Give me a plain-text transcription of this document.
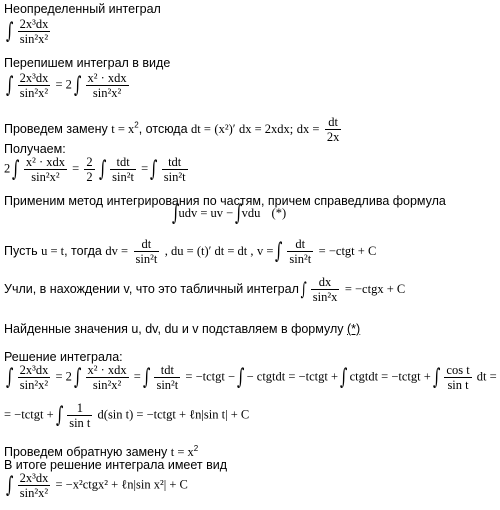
Неопределенный интеграл
∫ $\frac{\text{2x³dx}}{\text{sin²x²}}$
Перепишем интеграл в виде
∫ $\frac{\text{2x³dx}}{\text{sin²x²}} = 2\int \frac{\text{x² · xdx}}{\text{sin²x²}}$
Проведем замену $t = x^2$, отсюда dt = (x²)′ dx = 2xdx; dx = $\frac{dt}{2x}$
Получаем:
$2\int \frac{\text{x² · xdx}}{\text{sin²x²}} = \frac{2}{2}$ ∫ $\frac{\text{tdt}}{\text{sin²t}}$ =∫ $\frac{\text{tdt}}{\text{sin²t}}$
Применим метод интегрирования по частям, причем справедлива формула
∫udv = uv −∫vdu (*)
Пусть u = t, тогда dv = $\frac{dt}{\text{sin²t}}$ , du = (t)′ dt = dt , v =∫ $\frac{dt}{\text{sin²t}}$ = −ctgt + C
Учли, в нахождении v, что это табличный интеграл∫ $\frac{dx}{\text{sin²x}}$ = −ctgx + C
Найденные значения u, dv, du и v подставляем в формулу (*)
Решение интеграла:
∫ $\frac{\text{2x³dx}}{\text{sin²x²}} = 2\int \frac{\text{x² · xdx}}{\text{sin²x²}}$ =∫ $\frac{\text{tdt}}{\text{sin²t}}$ = −tctgt −∫ − ctgtdt = −tctgt +∫ ctgtdt = −tctgt +∫ $\frac{\text{cos t}}{\text{sin t}}$ dt =
= −tctgt +∫ $\frac{1}{\text{sin t}} d(\sin$ t) = −tctgt + ℓn|sin t| + C
Проведем обратную замену $t = x^2$
В итоге решение интеграла имеет вид
∫ $\frac{\text{2x³dx}}{\text{sin²x²}}$ = −x²ctgx² + ℓn|sin x²| + C
